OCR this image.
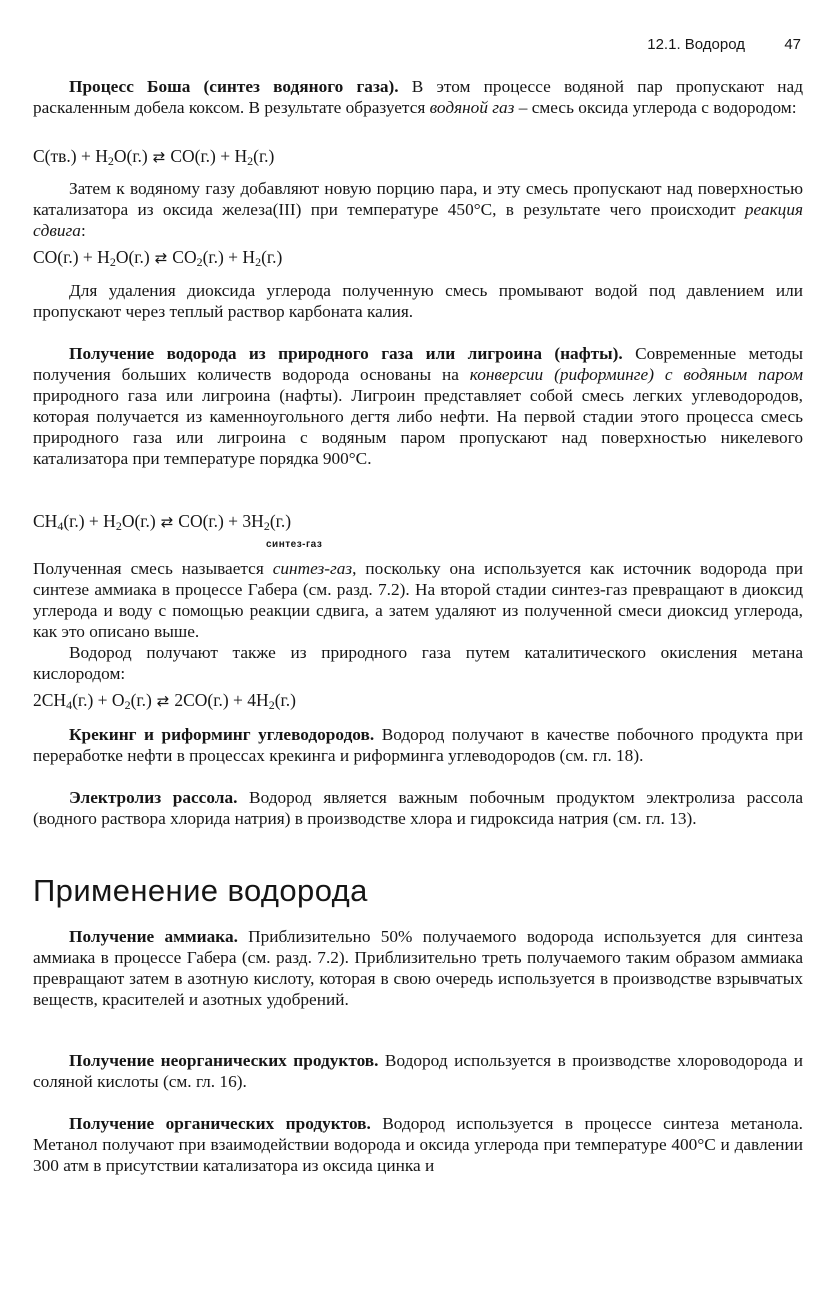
12.1. Водород	47

Процесс Боша (синтез водяного газа). В этом процессе водяной пар пропускают над раскаленным добела коксом. В результате образуется водяной газ – смесь оксида углерода с водородом:

$C(тв.) + H_2O(г.)$ ⇄ $CO(г.) + H_2(г.)$

Затем к водяному газу добавляют новую порцию пара, и эту смесь пропускают над поверхностью катализатора из оксида железа(III) при температуре 450°C, в результате чего происходит реакция сдвига:

$CO(г.) + H_2O(г.)$ ⇄ $CO_2(г.) + H_2(г.)$

Для удаления диоксида углерода полученную смесь промывают водой под давлением или пропускают через теплый раствор карбоната калия.

Получение водорода из природного газа или лигроина (нафты). Современные методы получения больших количеств водорода основаны на конверсии (риформинге) с водяным паром природного газа или лигроина (нафты). Лигроин представляет собой смесь легких углеводородов, которая получается из каменноугольного дегтя либо нефти. На первой стадии этого процесса смесь природного газа или лигроина с водяным паром пропускают над поверхностью никелевого катализатора при температуре порядка 900°C.

$CH_4(г.) + H_2O(г.)$ ⇄ $CO(г.) + 3H_2(г.)$

синтез-газ

Полученная смесь называется синтез-газ, поскольку она используется как источник водорода при синтезе аммиака в процессе Габера (см. разд. 7.2). На второй стадии синтез-газ превращают в диоксид углерода и воду с помощью реакции сдвига, а затем удаляют из полученной смеси диоксид углерода, как это описано выше.

Водород получают также из природного газа путем каталитического окисления метана кислородом:

$2CH_4(г.) + O_2(г.)$ ⇄ $2CO(г.) + 4H_2(г.)$

Крекинг и риформинг углеводородов. Водород получают в качестве побочного продукта при переработке нефти в процессах крекинга и риформинга углеводородов (см. гл. 18).

Электролиз рассола. Водород является важным побочным продуктом электролиза рассола (водного раствора хлорида натрия) в производстве хлора и гидроксида натрия (см. гл. 13).

Применение водорода

Получение аммиака. Приблизительно 50% получаемого водорода используется для синтеза аммиака в процессе Габера (см. разд. 7.2). Приблизительно треть получаемого таким образом аммиака превращают затем в азотную кислоту, которая в свою очередь используется в производстве взрывчатых веществ, красителей и азотных удобрений.

Получение неорганических продуктов. Водород используется в производстве хлороводорода и соляной кислоты (см. гл. 16).

Получение органических продуктов. Водород используется в процессе синтеза метанола. Метанол получают при взаимодействии водорода и оксида углерода при температуре 400°C и давлении 300 атм в присутствии катализатора из оксида цинка и
